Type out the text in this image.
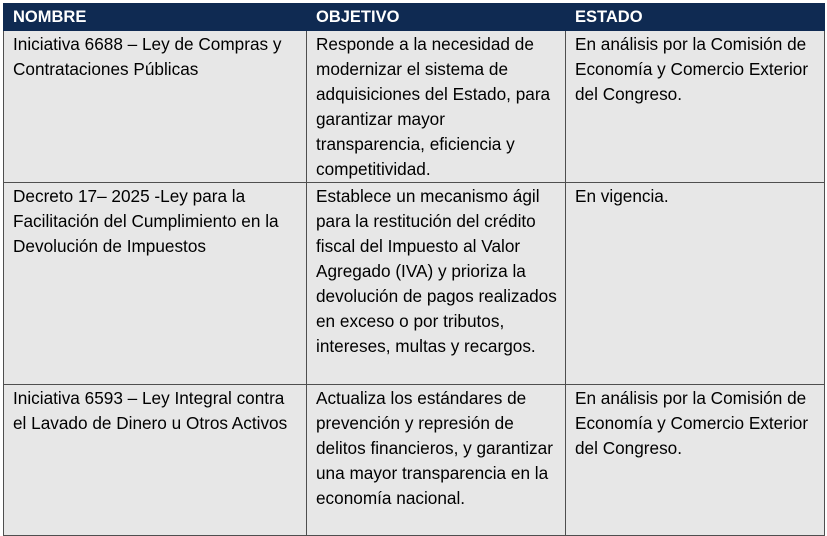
NOMBRE	OBJETIVO	ESTADO
Iniciativa 6688 – Ley de Compras y Contrataciones Públicas	Responde a la necesidad de modernizar el sistema de adquisiciones del Estado, para garantizar mayor transparencia, eficiencia y competitividad.	En análisis por la Comisión de Economía y Comercio Exterior del Congreso.
Decreto 17– 2025 -Ley para la Facilitación del Cumplimiento en la Devolución de Impuestos	Establece un mecanismo ágil para la restitución del crédito fiscal del Impuesto al Valor Agregado (IVA) y prioriza la devolución de pagos realizados en exceso o por tributos, intereses, multas y recargos.	En vigencia.
Iniciativa 6593 – Ley Integral contra el Lavado de Dinero u Otros Activos	Actualiza los estándares de prevención y represión de delitos financieros, y garantizar una mayor transparencia en la economía nacional.	En análisis por la Comisión de Economía y Comercio Exterior del Congreso.
